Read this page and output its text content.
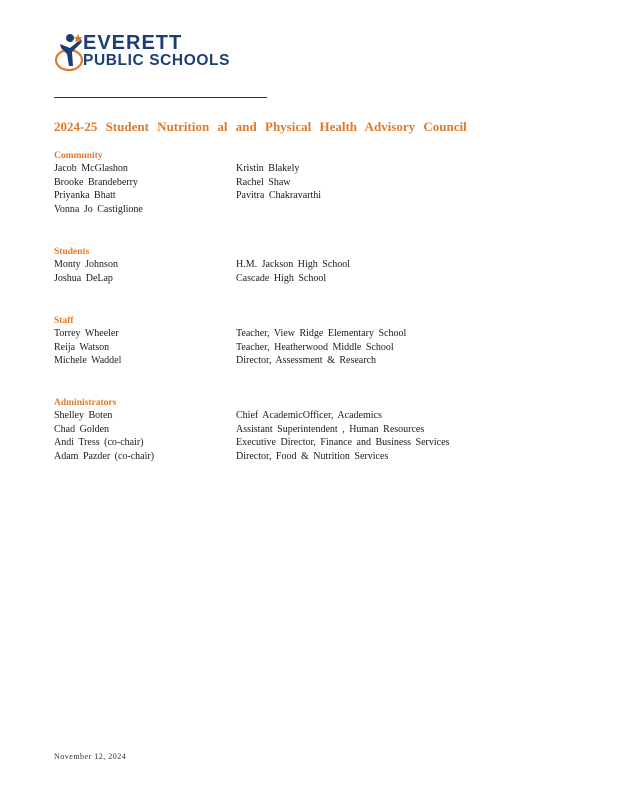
EVERETT
PUBLIC SCHOOLS
2024-25 Student Nutrition al and Physical Health Advisory Council
Community
Jacob McGlashon	Kristin Blakely
Brooke Brandeberry	Rachel Shaw
Priyanka Bhatt	Pavitra Chakravarthi
Vonna Jo Castiglione
Students
Monty Johnson	H.M. Jackson High School
Joshua DeLap	Cascade High School
Staff
Torrey Wheeler	Teacher, View Ridge Elementary School
Reija Watson	Teacher, Heatherwood Middle School
Michele Waddel	Director, Assessment & Research
Administrators
Shelley Boten	Chief AcademicOfficer, Academics
Chad Golden	Assistant Superintendent , Human Resources
Andi Tress (co-chair)	Executive Director, Finance and Business Services
Adam Pazder (co-chair)	Director, Food & Nutrition Services
November 12, 2024
